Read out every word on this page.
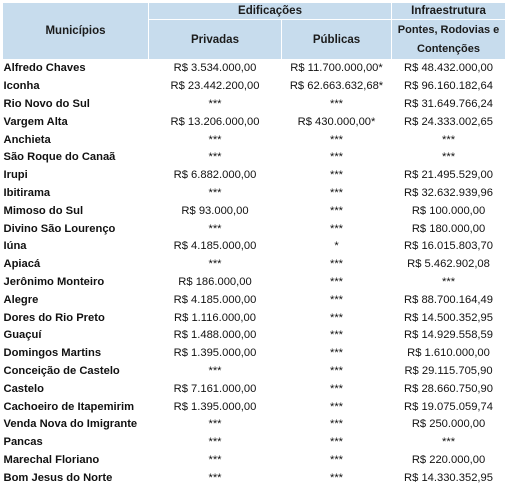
Municípios	Edificações		Infraestrutura
	Privadas	Públicas	Pontes, Rodovias e Contenções
Alfredo Chaves	R$ 3.534.000,00	R$ 11.700.000,00*	R$ 48.432.000,00
Iconha	R$ 23.442.200,00	R$ 62.663.632,68*	R$ 96.160.182,64
Rio Novo do Sul	***	***	R$ 31.649.766,24
Vargem Alta	R$ 13.206.000,00	R$ 430.000,00*	R$ 24.333.002,65
Anchieta	***	***	***
São Roque do Canaã	***	***	***
Irupi	R$ 6.882.000,00	***	R$ 21.495.529,00
Ibitirama	***	***	R$ 32.632.939,96
Mimoso do Sul	R$ 93.000,00	***	R$ 100.000,00
Divino São Lourenço	***	***	R$ 180.000,00
Iúna	R$ 4.185.000,00	*	R$ 16.015.803,70
Apiacá	***	***	R$ 5.462.902,08
Jerônimo Monteiro	R$ 186.000,00	***	***
Alegre	R$ 4.185.000,00	***	R$ 88.700.164,49
Dores do Rio Preto	R$ 1.116.000,00	***	R$ 14.500.352,95
Guaçuí	R$ 1.488.000,00	***	R$ 14.929.558,59
Domingos Martins	R$ 1.395.000,00	***	R$ 1.610.000,00
Conceição de Castelo	***	***	R$ 29.115.705,90
Castelo	R$ 7.161.000,00	***	R$ 28.660.750,90
Cachoeiro de Itapemirim	R$ 1.395.000,00	***	R$ 19.075.059,74
Venda Nova do Imigrante	***	***	R$ 250.000,00
Pancas	***	***	***
Marechal Floriano	***	***	R$ 220.000,00
Bom Jesus do Norte	***	***	R$ 14.330.352,95
